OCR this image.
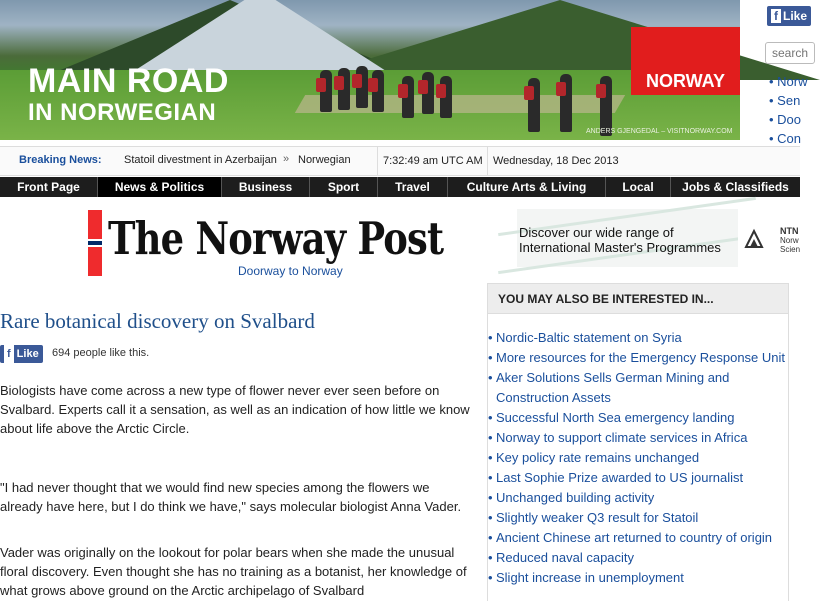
MAIN ROAD
IN NORWEGIAN
NORWAY
ANDERS GJENGEDAL – VISITNORWAY.COM
f Like
search
• Norw
• Sen
• Doo
• Con
Breaking News: Statoil divestment in Azerbaijan » Norwegian	7:32:49 am UTC AM Wednesday, 18 Dec 2013
Front Page	News & Politics	Business	Sport	Travel	Culture Arts & Living	Local	Jobs & Classifieds
The Norway Post
Doorway to Norway
Discover our wide range of
International Master's Programmes
NTN
Norw
Scien
Rare botanical discovery on Svalbard
f Like 694 people like this.
Biologists have come across a new type of flower never ever seen before on Svalbard. Experts call it a sensation, as well as an indication of how little we know about life above the Arctic Circle.
"I had never thought that we would find new species among the flowers we already have here, but I do think we have," says molecular biologist Anna Vader.
Vader was originally on the lookout for polar bears when she made the unusual floral discovery. Even thought she has no training as a botanist, her knowledge of what grows above ground on the Arctic archipelago of Svalbard
YOU MAY ALSO BE INTERESTED IN...
• Nordic-Baltic statement on Syria
• More resources for the Emergency Response Unit
• Aker Solutions Sells German Mining and Construction Assets
• Successful North Sea emergency landing
• Norway to support climate services in Africa
• Key policy rate remains unchanged
• Last Sophie Prize awarded to US journalist
• Unchanged building activity
• Slightly weaker Q3 result for Statoil
• Ancient Chinese art returned to country of origin
• Reduced naval capacity
• Slight increase in unemployment
